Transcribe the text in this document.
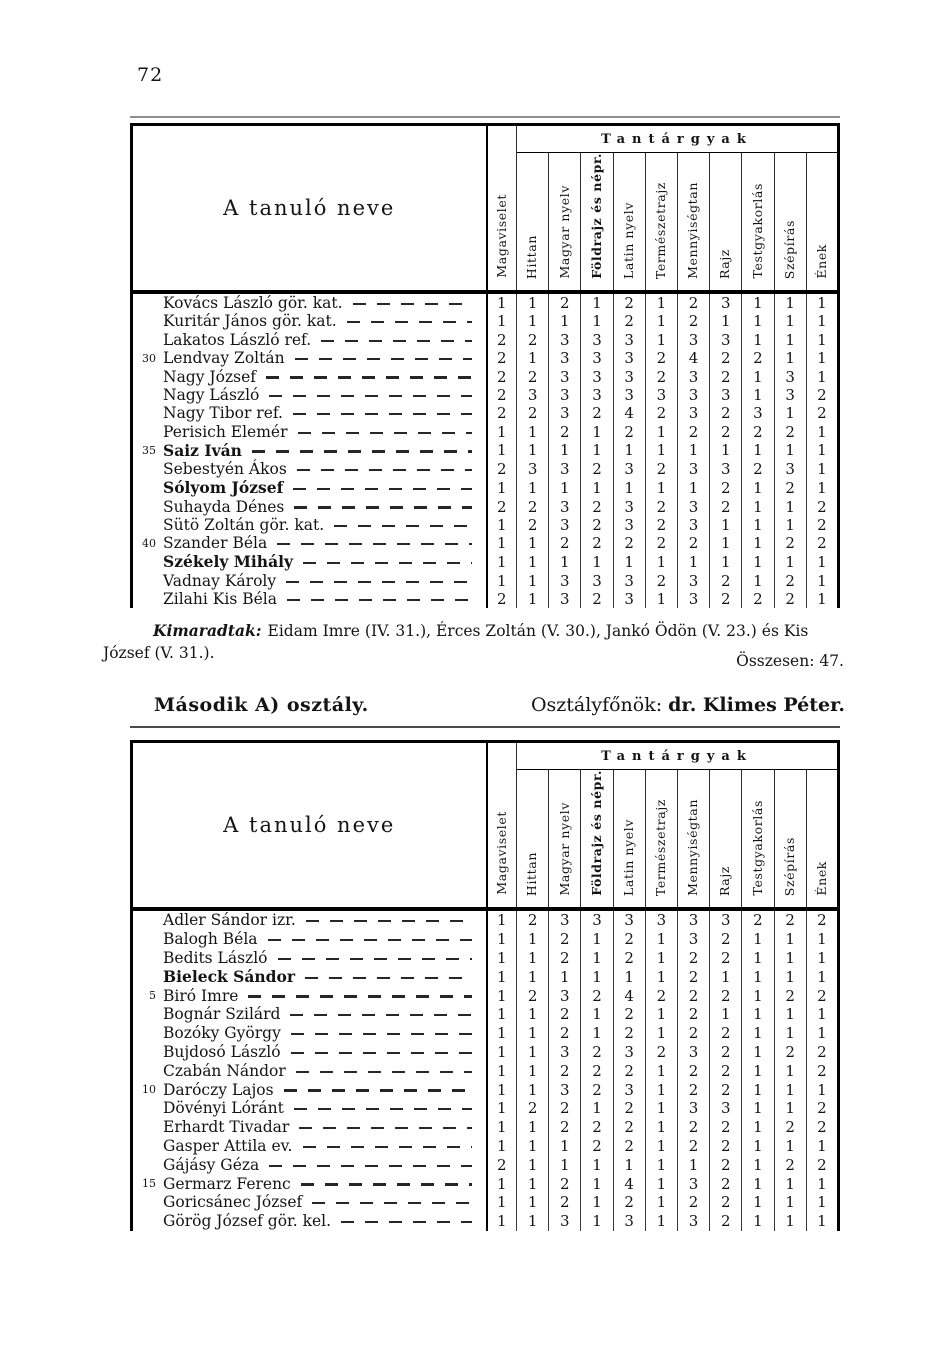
72
A tanuló neve	Magaviselet	Tantárgyak									
		Hittan	Magyar nyelv	Földrajz és népr.	Latin nyelv	Természetrajz	Mennyiségtan	Rajz	Testgyakorlás	Szépírás	Ének

Kovács László gör. kat.	1	1	2	1	2	1	2	3	1	1	1

Kuritár János gör. kat.	1	1	1	1	2	1	2	1	1	1	1

Lakatos László ref.	2	2	3	3	3	1	3	3	1	1	1

30 Lendvay Zoltán	2	1	3	3	3	2	4	2	2	1	1

Nagy József	2	2	3	3	3	2	3	2	1	3	1

Nagy László	2	3	3	3	3	3	3	3	1	3	2

Nagy Tibor ref.	2	2	3	2	4	2	3	2	3	1	2

Perisich Elemér	1	1	2	1	2	1	2	2	2	2	1

35 Saiz Iván	1	1	1	1	1	1	1	1	1	1	1

Sebestyén Ákos	2	3	3	2	3	2	3	3	2	3	1

Sólyom József	1	1	1	1	1	1	1	2	1	2	1

Suhayda Dénes	2	2	3	2	3	2	3	2	1	1	2

Sütö Zoltán gör. kat.	1	2	3	2	3	2	3	1	1	1	2

40 Szander Béla	1	1	2	2	2	2	2	1	1	2	2

Székely Mihály	1	1	1	1	1	1	1	1	1	1	1

Vadnay Károly	1	1	3	3	3	2	3	2	1	2	1

Zilahi Kis Béla	2	1	3	2	3	1	3	2	2	2	1

Kimaradtak: Eidam Imre (IV. 31.), Érces Zoltán (V. 30.), Jankó Ödön (V. 23.) és Kis József (V. 31.).	Összesen: 47.
Második A) osztály.	Osztályfőnök: dr. Klimes Péter.
A tanuló neve	Magaviselet	Tantárgyak									
		Hittan	Magyar nyelv	Földrajz és népr.	Latin nyelv	Természetrajz	Mennyiségtan	Rajz	Testgyakorlás	Szépírás	Ének

Adler Sándor izr.	1	2	3	3	3	3	3	3	2	2	2

Balogh Béla	1	1	2	1	2	1	3	2	1	1	1

Bedits László	1	1	2	1	2	1	2	2	1	1	1

Bieleck Sándor	1	1	1	1	1	1	2	1	1	1	1

5 Biró Imre	1	2	3	2	4	2	2	2	1	2	2

Bognár Szilárd	1	1	2	1	2	1	2	1	1	1	1

Bozóky György	1	1	2	1	2	1	2	2	1	1	1

Bujdosó László	1	1	3	2	3	2	3	2	1	2	2

Czabán Nándor	1	1	2	2	2	1	2	2	1	1	2

10 Daróczy Lajos	1	1	3	2	3	1	2	2	1	1	1

Dövényi Lóránt	1	2	2	1	2	1	3	3	1	1	2

Erhardt Tivadar	1	1	2	2	2	1	2	2	1	2	2

Gasper Attila ev.	1	1	1	2	2	1	2	2	1	1	1

Gájásy Géza	2	1	1	1	1	1	1	2	1	2	2

15 Germarz Ferenc	1	1	2	1	4	1	3	2	1	1	1

Goricsánec József	1	1	2	1	2	1	2	2	1	1	1

Görög József gör. kel.	1	1	3	1	3	1	3	2	1	1	1
